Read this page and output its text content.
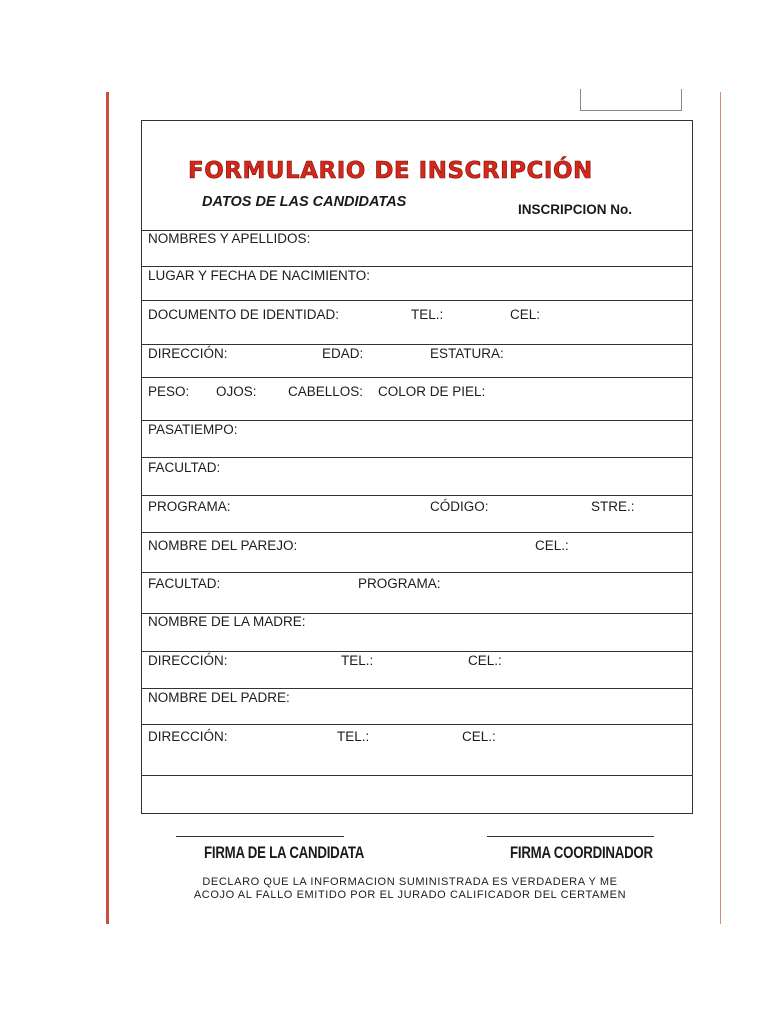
FORMULARIO DE INSCRIPCIÓN
DATOS DE LAS CANDIDATAS	INSCRIPCION No.
NOMBRES Y APELLIDOS:
LUGAR Y FECHA DE NACIMIENTO:
DOCUMENTO DE IDENTIDAD:	TEL.:	CEL:
DIRECCIÓN:	EDAD:	ESTATURA:
PESO: OJOS: CABELLOS: COLOR DE PIEL:
PASATIEMPO:
FACULTAD:
PROGRAMA:	CÓDIGO:	STRE.:
NOMBRE DEL PAREJO:	CEL.:
FACULTAD:	PROGRAMA:
NOMBRE DE LA MADRE:
DIRECCIÓN:	TEL.:	CEL.:
NOMBRE DEL PADRE:
DIRECCIÓN:	TEL.:	CEL.:
FIRMA DE LA CANDIDATA	FIRMA COORDINADOR
DECLARO QUE LA INFORMACION SUMINISTRADA ES VERDADERA Y ME
ACOJO AL FALLO EMITIDO POR EL JURADO CALIFICADOR DEL CERTAMEN
